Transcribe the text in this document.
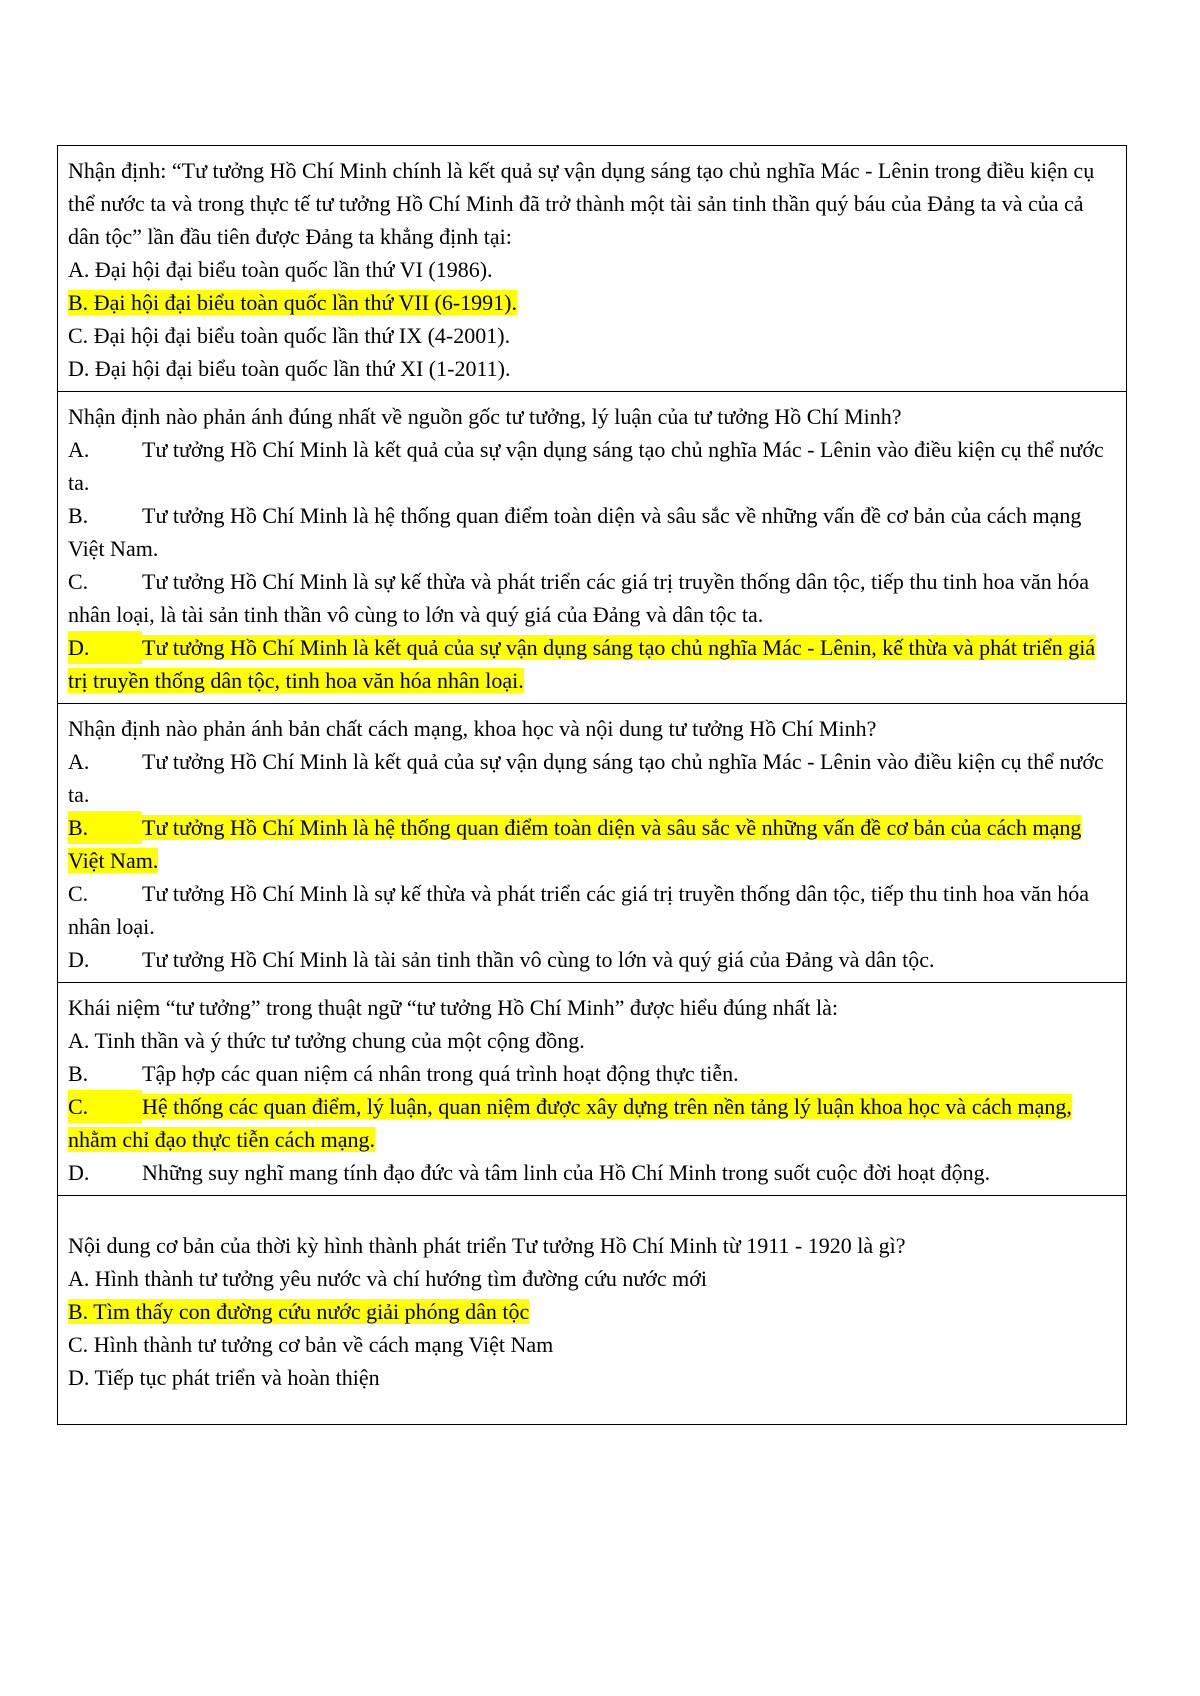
Nhận định: “Tư tưởng Hồ Chí Minh chính là kết quả sự vận dụng sáng tạo chủ nghĩa Mác - Lênin trong điều kiện cụ thể nước ta và trong thực tế tư tưởng Hồ Chí Minh đã trở thành một tài sản tinh thần quý báu của Đảng ta và của cả dân tộc” lần đầu tiên được Đảng ta khẳng định tại:

A. Đại hội đại biểu toàn quốc lần thứ VI (1986).

B. Đại hội đại biểu toàn quốc lần thứ VII (6-1991).

C. Đại hội đại biểu toàn quốc lần thứ IX (4-2001).

D. Đại hội đại biểu toàn quốc lần thứ XI (1-2011).

Nhận định nào phản ánh đúng nhất về nguồn gốc tư tưởng, lý luận của tư tưởng Hồ Chí Minh?

A. Tư tưởng Hồ Chí Minh là kết quả của sự vận dụng sáng tạo chủ nghĩa Mác - Lênin vào điều kiện cụ thể nước ta.

B. Tư tưởng Hồ Chí Minh là hệ thống quan điểm toàn diện và sâu sắc về những vấn đề cơ bản của cách mạng Việt Nam.

C. Tư tưởng Hồ Chí Minh là sự kế thừa và phát triển các giá trị truyền thống dân tộc, tiếp thu tinh hoa văn hóa nhân loại, là tài sản tinh thần vô cùng to lớn và quý giá của Đảng và dân tộc ta.

D. Tư tưởng Hồ Chí Minh là kết quả của sự vận dụng sáng tạo chủ nghĩa Mác - Lênin, kế thừa và phát triển giá trị truyền thống dân tộc, tinh hoa văn hóa nhân loại.

Nhận định nào phản ánh bản chất cách mạng, khoa học và nội dung tư tưởng Hồ Chí Minh?

A. Tư tưởng Hồ Chí Minh là kết quả của sự vận dụng sáng tạo chủ nghĩa Mác - Lênin vào điều kiện cụ thể nước ta.

B. Tư tưởng Hồ Chí Minh là hệ thống quan điểm toàn diện và sâu sắc về những vấn đề cơ bản của cách mạng Việt Nam.

C. Tư tưởng Hồ Chí Minh là sự kế thừa và phát triển các giá trị truyền thống dân tộc, tiếp thu tinh hoa văn hóa nhân loại.

D. Tư tưởng Hồ Chí Minh là tài sản tinh thần vô cùng to lớn và quý giá của Đảng và dân tộc.

Khái niệm “tư tưởng” trong thuật ngữ “tư tưởng Hồ Chí Minh” được hiểu đúng nhất là:

A. Tinh thần và ý thức tư tưởng chung của một cộng đồng.

B. Tập hợp các quan niệm cá nhân trong quá trình hoạt động thực tiễn.

C. Hệ thống các quan điểm, lý luận, quan niệm được xây dựng trên nền tảng lý luận khoa học và cách mạng, nhằm chỉ đạo thực tiễn cách mạng.

D. Những suy nghĩ mang tính đạo đức và tâm linh của Hồ Chí Minh trong suốt cuộc đời hoạt động.

Nội dung cơ bản của thời kỳ hình thành phát triển Tư tưởng Hồ Chí Minh từ 1911 - 1920 là gì?

A. Hình thành tư tưởng yêu nước và chí hướng tìm đường cứu nước mới

B. Tìm thấy con đường cứu nước giải phóng dân tộc

C. Hình thành tư tưởng cơ bản về cách mạng Việt Nam

D. Tiếp tục phát triển và hoàn thiện
